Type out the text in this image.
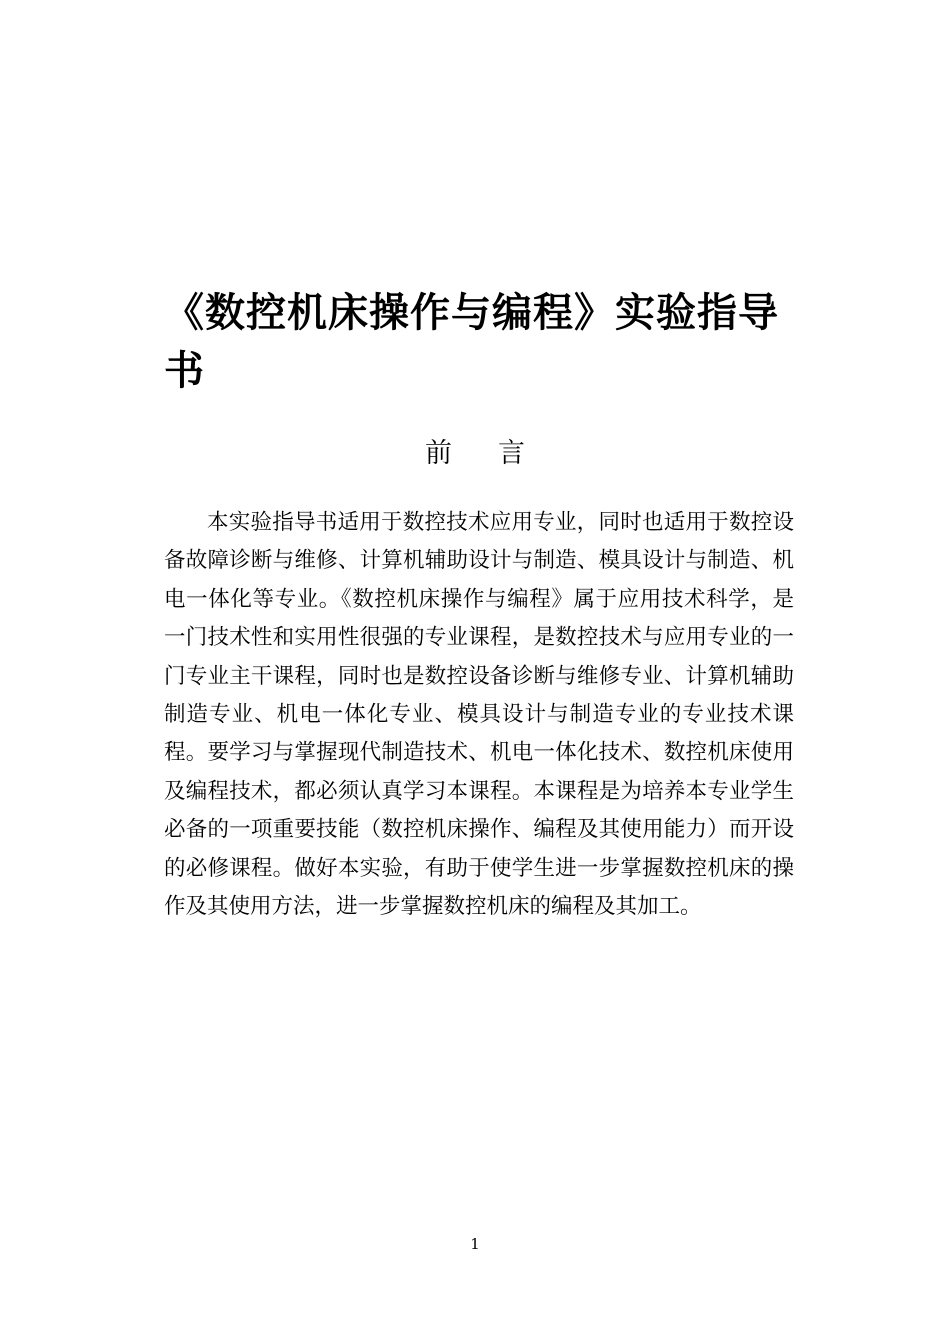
《数控机床操作与编程》实验指导书
前言

本实验指导书适用于数控技术应用专业，同时也适用于数控设备故障诊断与维修、计算机辅助设计与制造、模具设计与制造、机电一体化等专业。《数控机床操作与编程》属于应用技术科学，是一门技术性和实用性很强的专业课程，是数控技术与应用专业的一门专业主干课程，同时也是数控设备诊断与维修专业、计算机辅助制造专业、机电一体化专业、模具设计与制造专业的专业技术课程。要学习与掌握现代制造技术、机电一体化技术、数控机床使用及编程技术，都必须认真学习本课程。本课程是为培养本专业学生必备的一项重要技能（数控机床操作、编程及其使用能力）而开设的必修课程。做好本实验，有助于使学生进一步掌握数控机床的操作及其使用方法，进一步掌握数控机床的编程及其加工。

1
